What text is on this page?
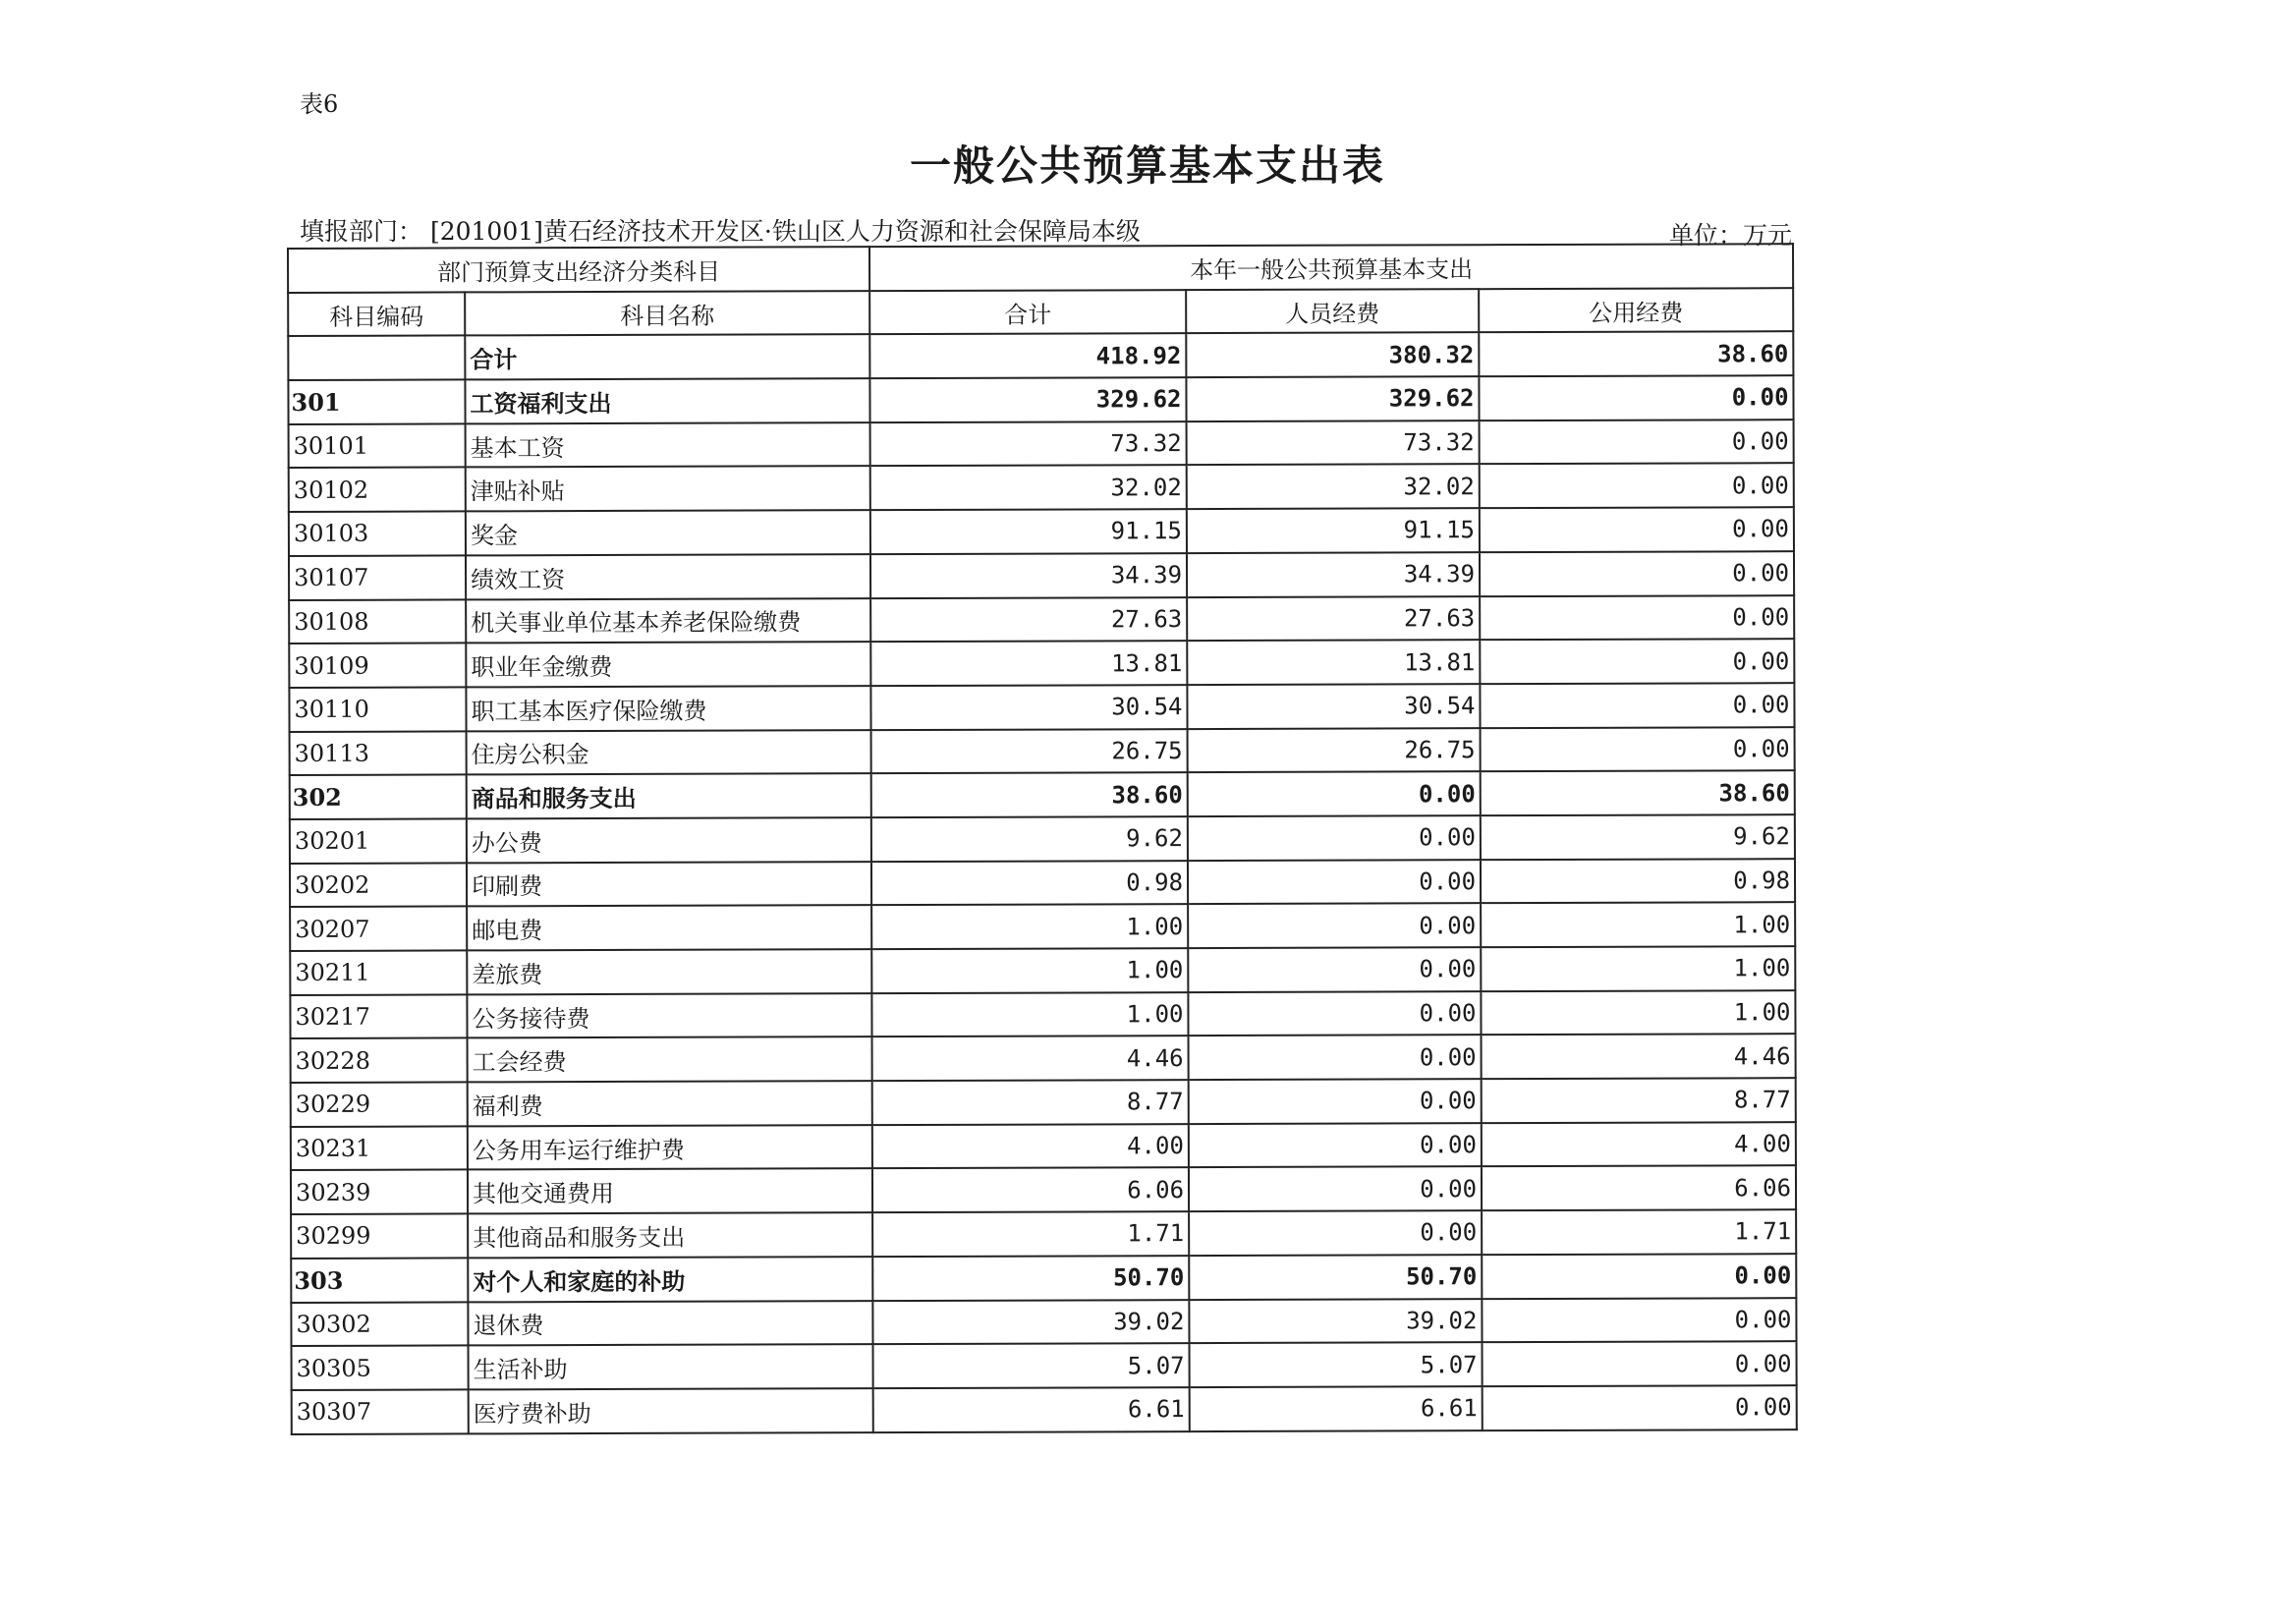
表6
一般公共预算基本支出表
填报部门： [201001]黄石经济技术开发区·铁山区人力资源和社会保障局本级	单位：万元
部门预算支出经济分类科目		本年一般公共预算基本支出		
科目编码	科目名称	合计	人员经费	公用经费
	合计	418.92	380.32	38.60
301	工资福利支出	329.62	329.62	0.00
30101	基本工资	73.32	73.32	0.00
30102	津贴补贴	32.02	32.02	0.00
30103	奖金	91.15	91.15	0.00
30107	绩效工资	34.39	34.39	0.00
30108	机关事业单位基本养老保险缴费	27.63	27.63	0.00
30109	职业年金缴费	13.81	13.81	0.00
30110	职工基本医疗保险缴费	30.54	30.54	0.00
30113	住房公积金	26.75	26.75	0.00
302	商品和服务支出	38.60	0.00	38.60
30201	办公费	9.62	0.00	9.62
30202	印刷费	0.98	0.00	0.98
30207	邮电费	1.00	0.00	1.00
30211	差旅费	1.00	0.00	1.00
30217	公务接待费	1.00	0.00	1.00
30228	工会经费	4.46	0.00	4.46
30229	福利费	8.77	0.00	8.77
30231	公务用车运行维护费	4.00	0.00	4.00
30239	其他交通费用	6.06	0.00	6.06
30299	其他商品和服务支出	1.71	0.00	1.71
303	对个人和家庭的补助	50.70	50.70	0.00
30302	退休费	39.02	39.02	0.00
30305	生活补助	5.07	5.07	0.00
30307	医疗费补助	6.61	6.61	0.00
